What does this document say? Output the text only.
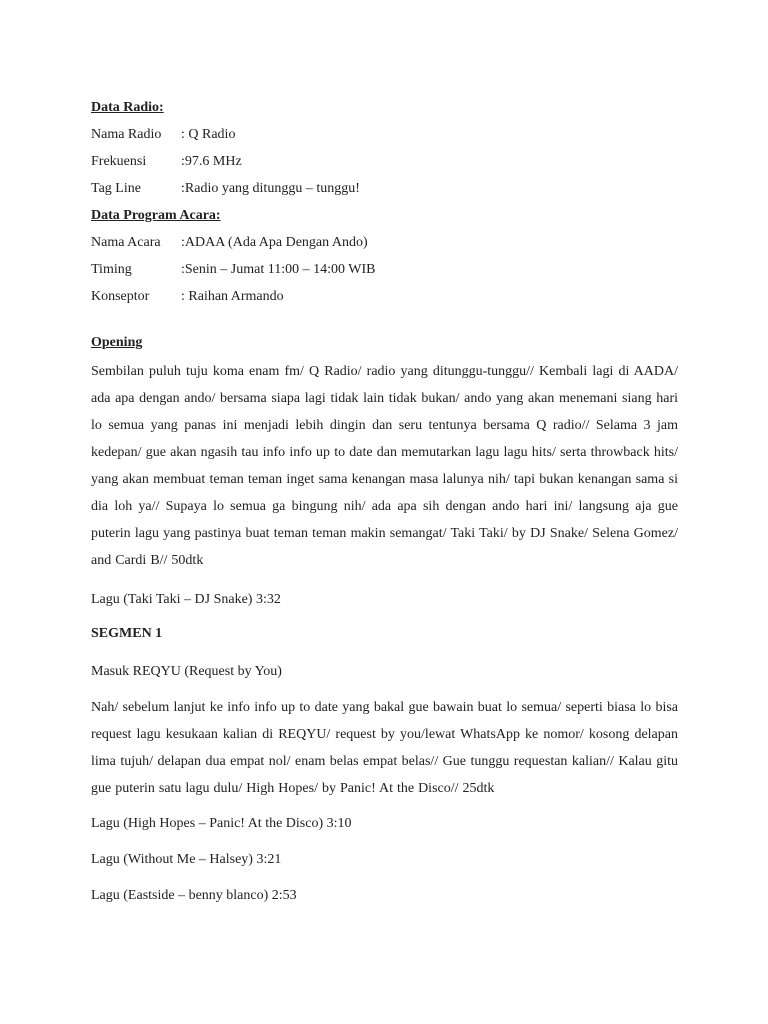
Data Radio:
Nama Radio	: Q Radio
Frekuensi	:97.6 MHz
Tag Line	:Radio yang ditunggu – tunggu!
Data Program Acara:
Nama Acara	:ADAA (Ada Apa Dengan Ando)
Timing	:Senin – Jumat 11:00 – 14:00 WIB
Konseptor	: Raihan Armando
Opening

Sembilan puluh tuju koma enam fm/ Q Radio/ radio yang ditunggu-tunggu// Kembali lagi di AADA/ ada apa dengan ando/ bersama siapa lagi tidak lain tidak bukan/ ando yang akan menemani siang hari lo semua yang panas ini menjadi lebih dingin dan seru tentunya bersama Q radio// Selama 3 jam kedepan/ gue akan ngasih tau info info up to date dan memutarkan lagu lagu hits/ serta throwback hits/ yang akan membuat teman teman inget sama kenangan masa lalunya nih/ tapi bukan kenangan sama si dia loh ya// Supaya lo semua ga bingung nih/ ada apa sih dengan ando hari ini/ langsung aja gue puterin lagu yang pastinya buat teman teman makin semangat/ Taki Taki/ by DJ Snake/ Selena Gomez/ and Cardi B// 50dtk

Lagu (Taki Taki – DJ Snake) 3:32

SEGMEN 1

Masuk REQYU (Request by You)

Nah/ sebelum lanjut ke info info up to date yang bakal gue bawain buat lo semua/ seperti biasa lo bisa request lagu kesukaan kalian di REQYU/ request by you/lewat WhatsApp ke nomor/ kosong delapan lima tujuh/ delapan dua empat nol/ enam belas empat belas// Gue tunggu requestan kalian// Kalau gitu gue puterin satu lagu dulu/ High Hopes/ by Panic! At the Disco// 25dtk

Lagu (High Hopes – Panic! At the Disco) 3:10

Lagu (Without Me – Halsey) 3:21

Lagu (Eastside – benny blanco) 2:53
